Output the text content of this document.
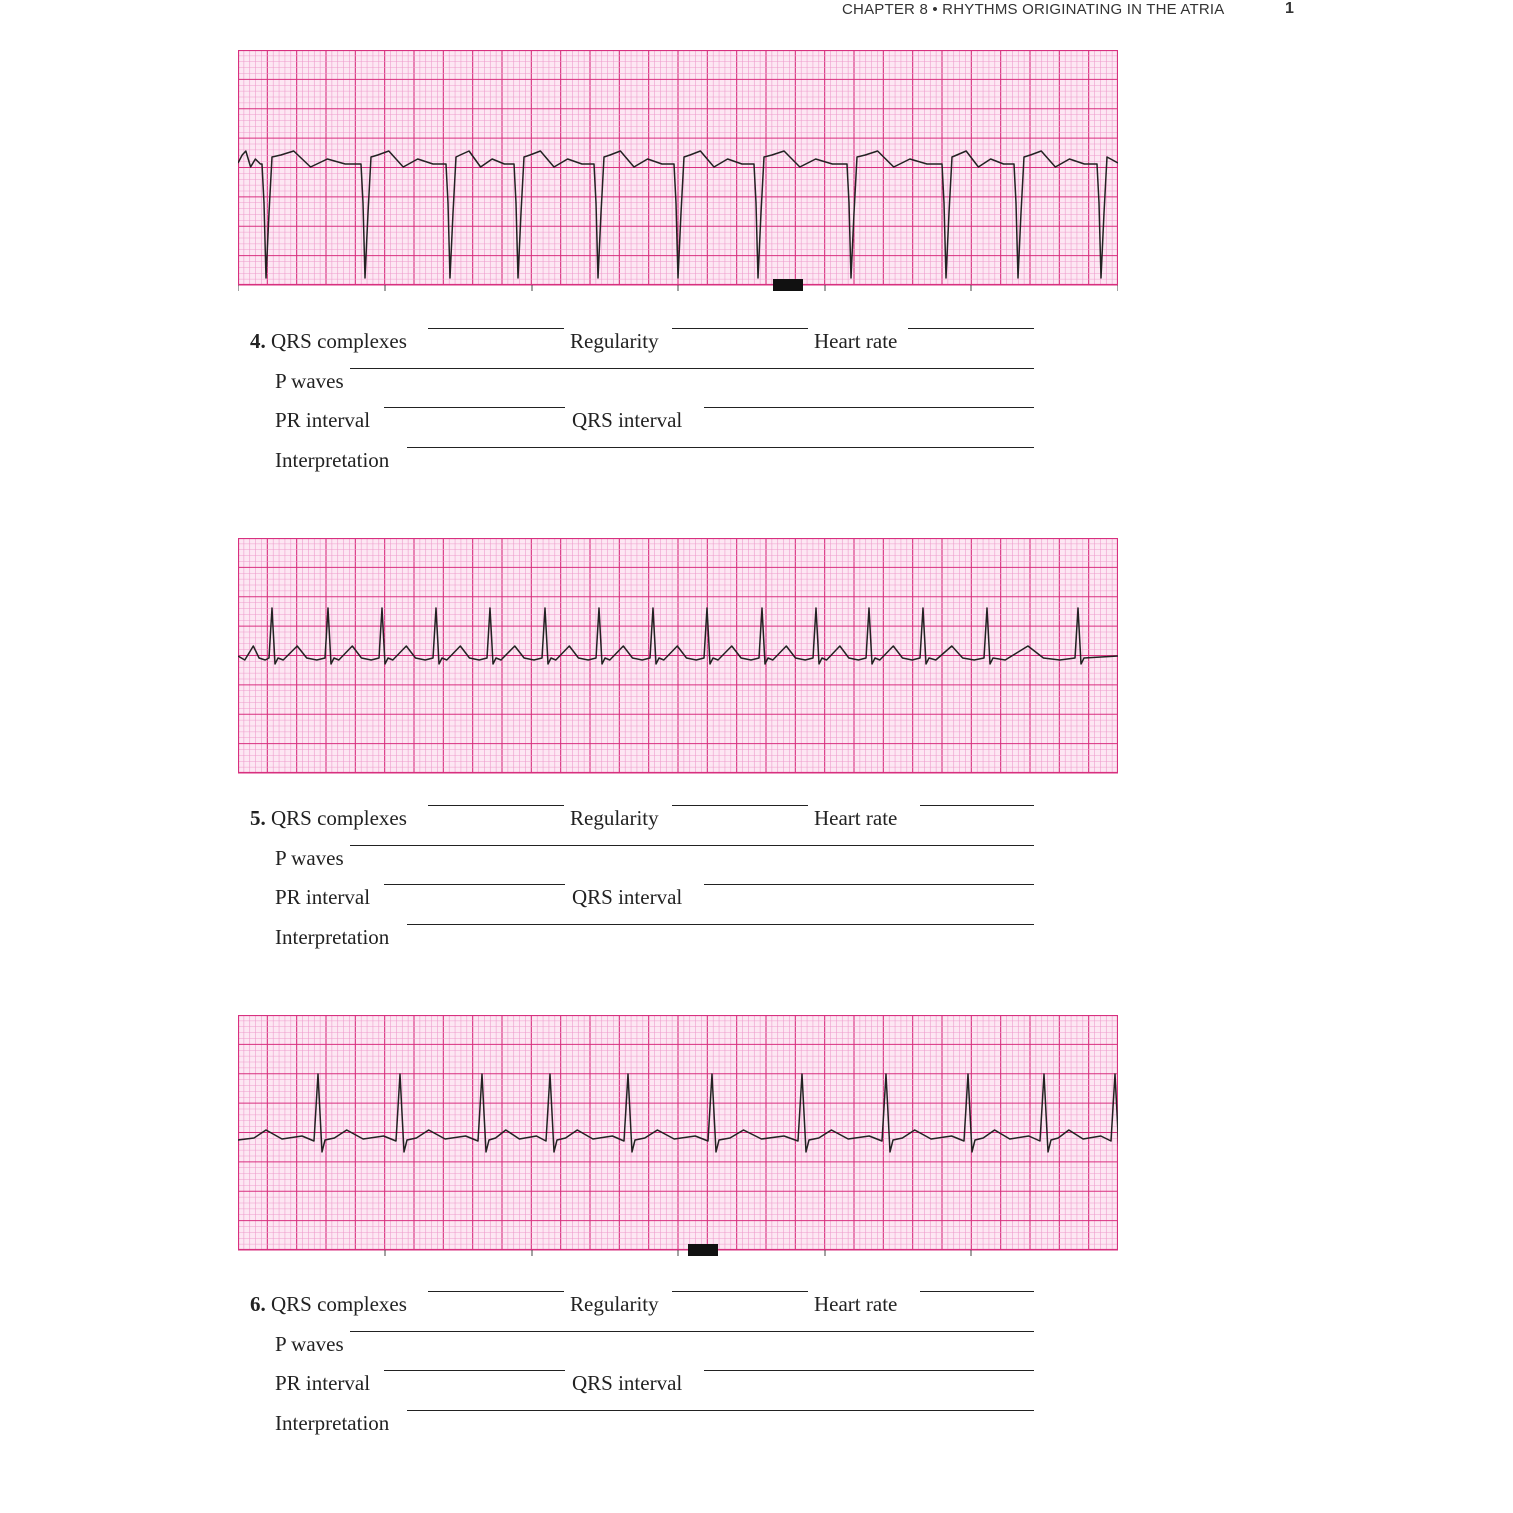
CHAPTER 8 • RHYTHMS ORIGINATING IN THE ATRIA	1
4. QRS complexes	Regularity	Heart rate
P waves
PR interval	QRS interval
Interpretation
5. QRS complexes	Regularity	Heart rate
P waves
PR interval	QRS interval
Interpretation
6. QRS complexes	Regularity	Heart rate
P waves
PR interval	QRS interval
Interpretation
